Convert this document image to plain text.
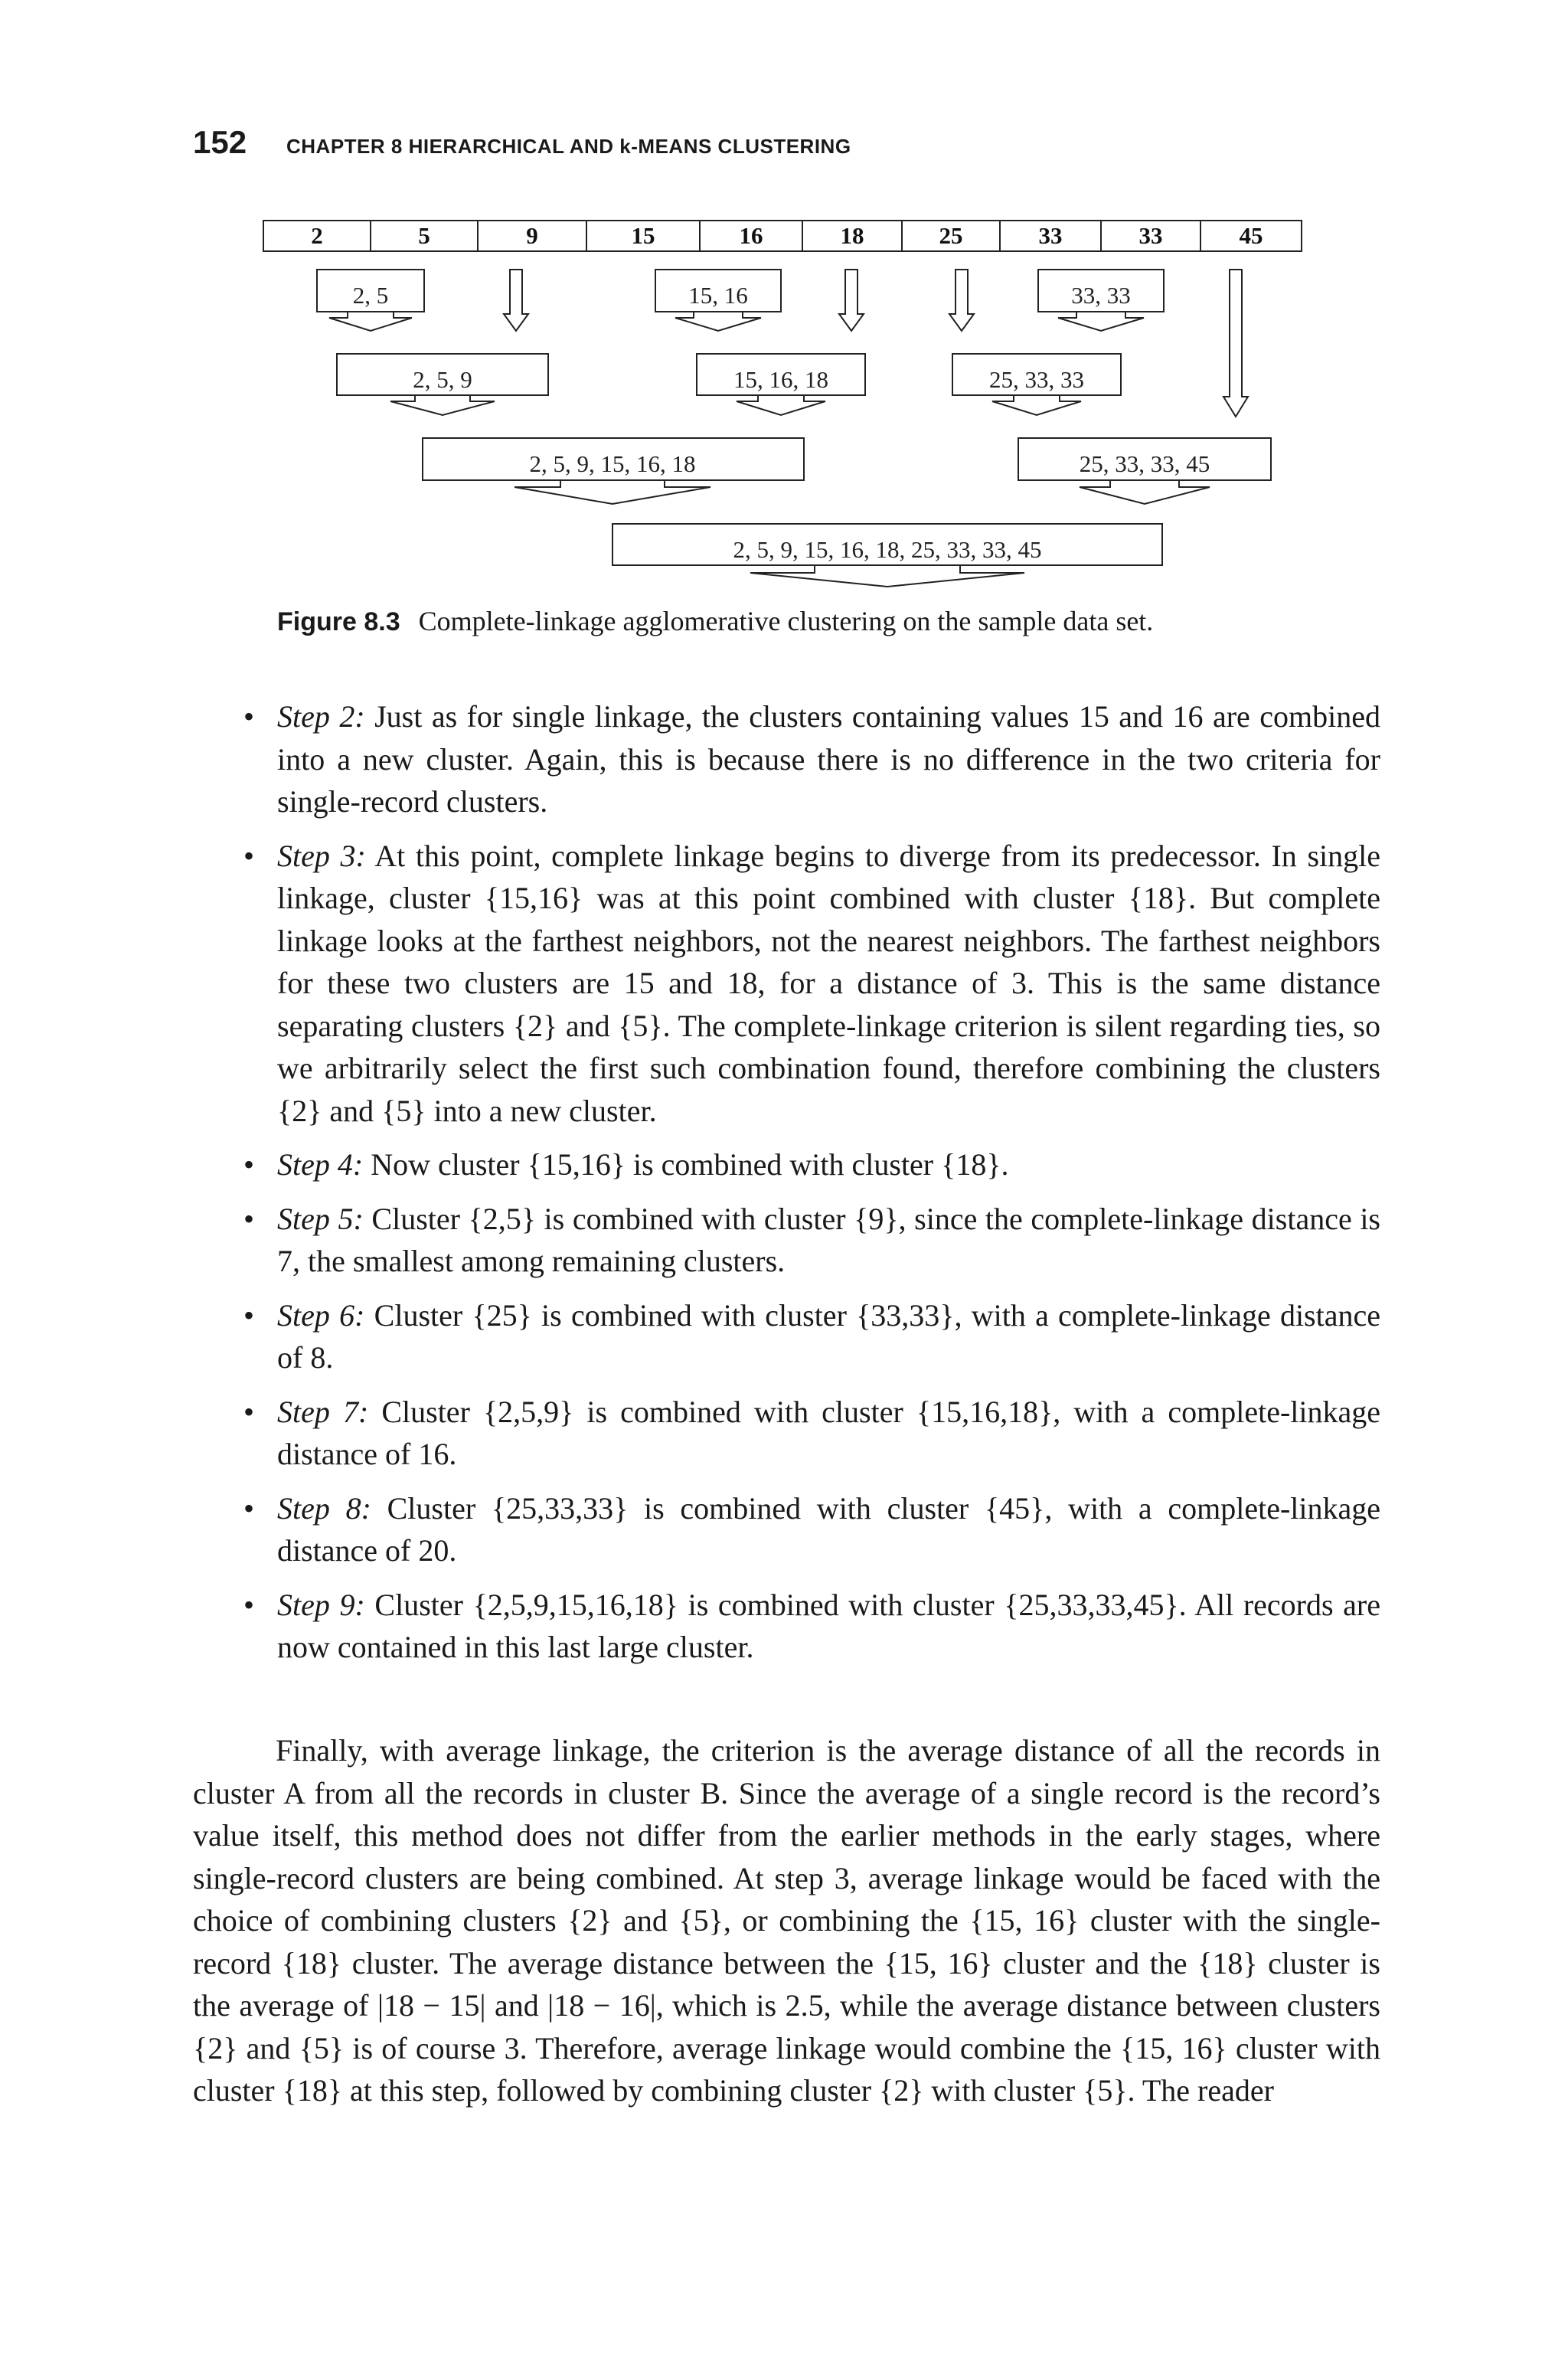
152 CHAPTER 8 HIERARCHICAL AND k-MEANS CLUSTERING
2	5	9	15	16	18	25	33	33	45
2, 5	15, 16	33, 33
2, 5, 9	15, 16, 18	25, 33, 33
2, 5, 9, 15, 16, 18	25, 33, 33, 45
2, 5, 9, 15, 16, 18, 25, 33, 33, 45
Figure 8.3 Complete-linkage agglomerative clustering on the sample data set.
• Step 2: Just as for single linkage, the clusters containing values 15 and 16 are combined into a new cluster. Again, this is because there is no difference in the two criteria for single-record clusters.
• Step 3: At this point, complete linkage begins to diverge from its predecessor. In single linkage, cluster {15,16} was at this point combined with cluster {18}. But complete linkage looks at the farthest neighbors, not the nearest neighbors. The farthest neighbors for these two clusters are 15 and 18, for a distance of 3. This is the same distance separating clusters {2} and {5}. The complete-linkage criterion is silent regarding ties, so we arbitrarily select the first such combination found, therefore combining the clusters {2} and {5} into a new cluster.
• Step 4: Now cluster {15,16} is combined with cluster {18}.
• Step 5: Cluster {2,5} is combined with cluster {9}, since the complete-linkage distance is 7, the smallest among remaining clusters.
• Step 6: Cluster {25} is combined with cluster {33,33}, with a complete-linkage distance of 8.
• Step 7: Cluster {2,5,9} is combined with cluster {15,16,18}, with a complete-linkage distance of 16.
• Step 8: Cluster {25,33,33} is combined with cluster {45}, with a complete-linkage distance of 20.
• Step 9: Cluster {2,5,9,15,16,18} is combined with cluster {25,33,33,45}. All records are now contained in this last large cluster.

Finally, with average linkage, the criterion is the average distance of all the records in cluster A from all the records in cluster B. Since the average of a single record is the record’s value itself, this method does not differ from the earlier methods in the early stages, where single-record clusters are being combined. At step 3, average linkage would be faced with the choice of combining clusters {2} and {5}, or combining the {15, 16} cluster with the single-record {18} cluster. The average distance between the {15, 16} cluster and the {18} cluster is the average of |18 − 15| and |18 − 16|, which is 2.5, while the average distance between clusters {2} and {5} is of course 3. Therefore, average linkage would combine the {15, 16} cluster with cluster {18} at this step, followed by combining cluster {2} with cluster {5}. The reader
